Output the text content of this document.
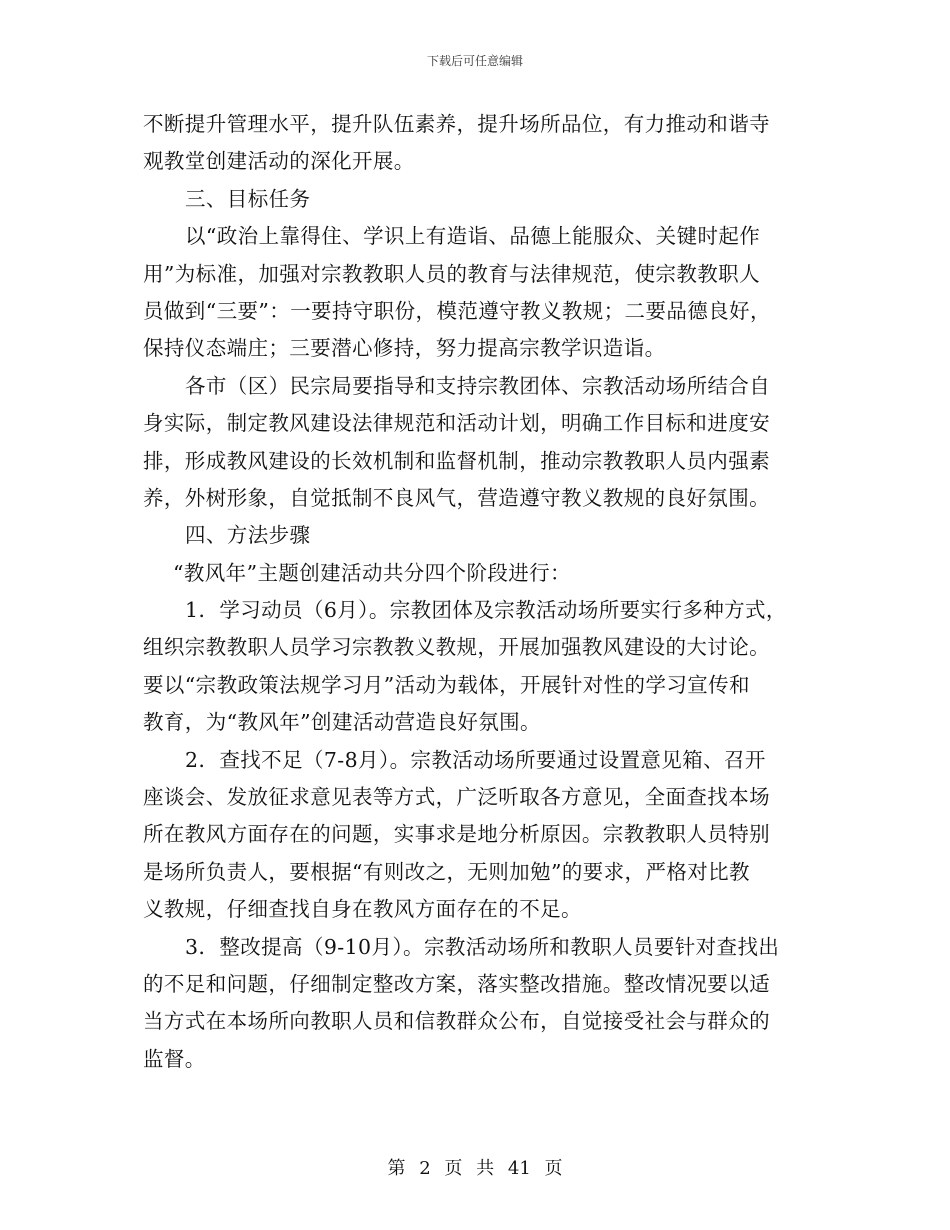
下载后可任意编辑
不断提升管理水平，提升队伍素养，提升场所品位，有力推动和谐寺
观教堂创建活动的深化开展。
三、目标任务
以“政治上靠得住、学识上有造诣、品德上能服众、关键时起作
用”为标准，加强对宗教教职人员的教育与法律规范，使宗教教职人
员做到“三要”：一要持守职份，模范遵守教义教规；二要品德良好，
保持仪态端庄；三要潜心修持，努力提高宗教学识造诣。
各市（区）民宗局要指导和支持宗教团体、宗教活动场所结合自
身实际，制定教风建设法律规范和活动计划，明确工作目标和进度安
排，形成教风建设的长效机制和监督机制，推动宗教教职人员内强素
养，外树形象，自觉抵制不良风气，营造遵守教义教规的良好氛围。
四、方法步骤
“教风年”主题创建活动共分四个阶段进行：
1．学习动员（6月）。宗教团体及宗教活动场所要实行多种方式，
组织宗教教职人员学习宗教教义教规，开展加强教风建设的大讨论。
要以“宗教政策法规学习月”活动为载体，开展针对性的学习宣传和
教育，为“教风年”创建活动营造良好氛围。
2．查找不足（7-8月）。宗教活动场所要通过设置意见箱、召开
座谈会、发放征求意见表等方式，广泛听取各方意见，全面查找本场
所在教风方面存在的问题，实事求是地分析原因。宗教教职人员特别
是场所负责人，要根据“有则改之，无则加勉”的要求，严格对比教
义教规，仔细查找自身在教风方面存在的不足。
3．整改提高（9-10月）。宗教活动场所和教职人员要针对查找出
的不足和问题，仔细制定整改方案，落实整改措施。整改情况要以适
当方式在本场所向教职人员和信教群众公布，自觉接受社会与群众的
监督。
第 2 页 共 41 页
